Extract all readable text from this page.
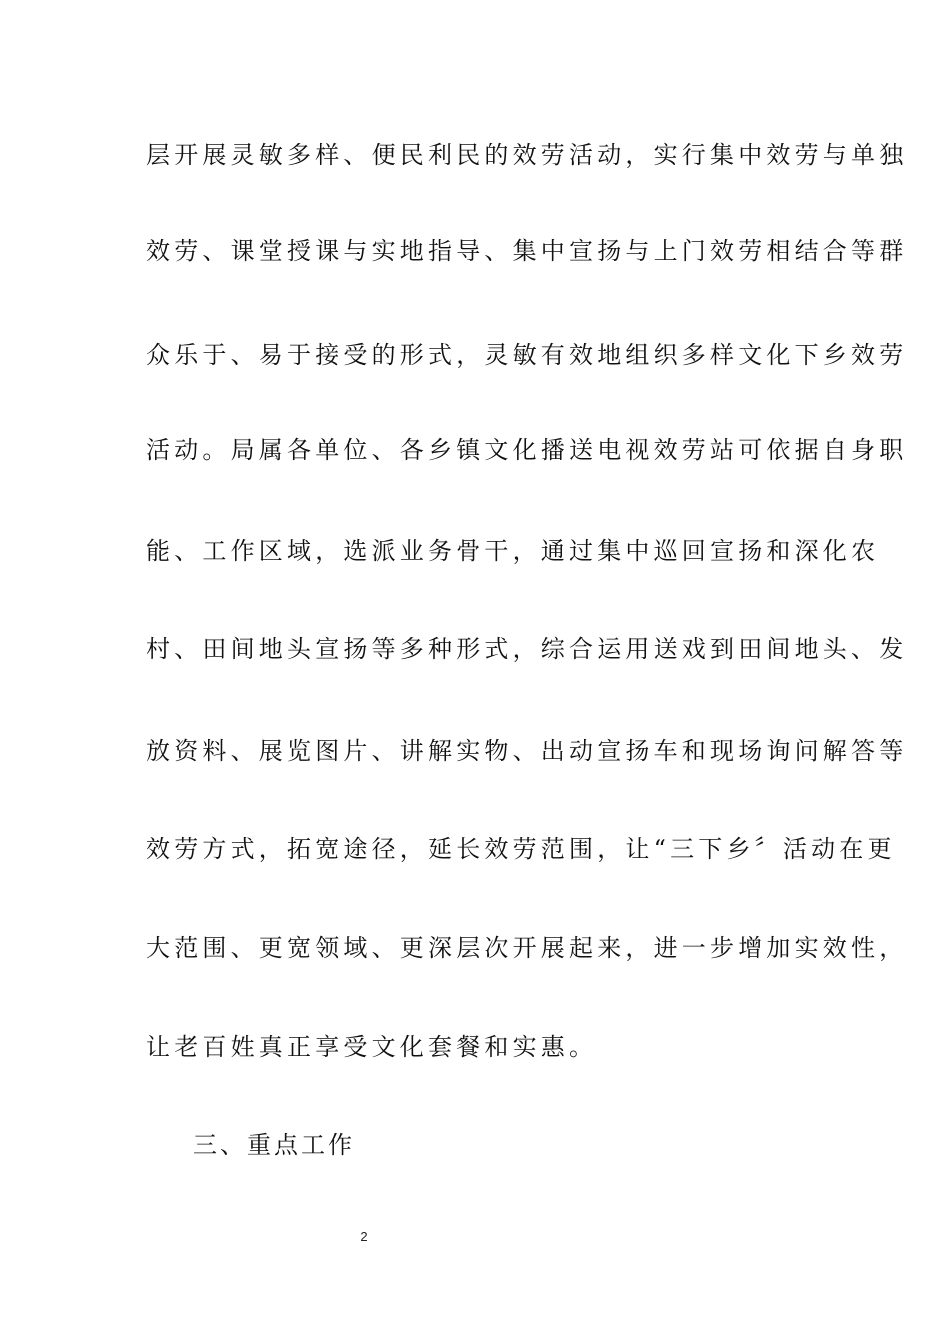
层开展灵敏多样、便民利民的效劳活动，实行集中效劳与单独
效劳、课堂授课与实地指导、集中宣扬与上门效劳相结合等群
众乐于、易于接受的形式，灵敏有效地组织多样文化下乡效劳
活动。局属各单位、各乡镇文化播送电视效劳站可依据自身职
能、工作区域，选派业务骨干，通过集中巡回宣扬和深化农
村、田间地头宣扬等多种形式，综合运用送戏到田间地头、发
放资料、展览图片、讲解实物、出动宣扬车和现场询问解答等
效劳方式，拓宽途径，延长效劳范围，让“三下乡〞活动在更
大范围、更宽领域、更深层次开展起来，进一步增加实效性，
让老百姓真正享受文化套餐和实惠。
三、重点工作
2
